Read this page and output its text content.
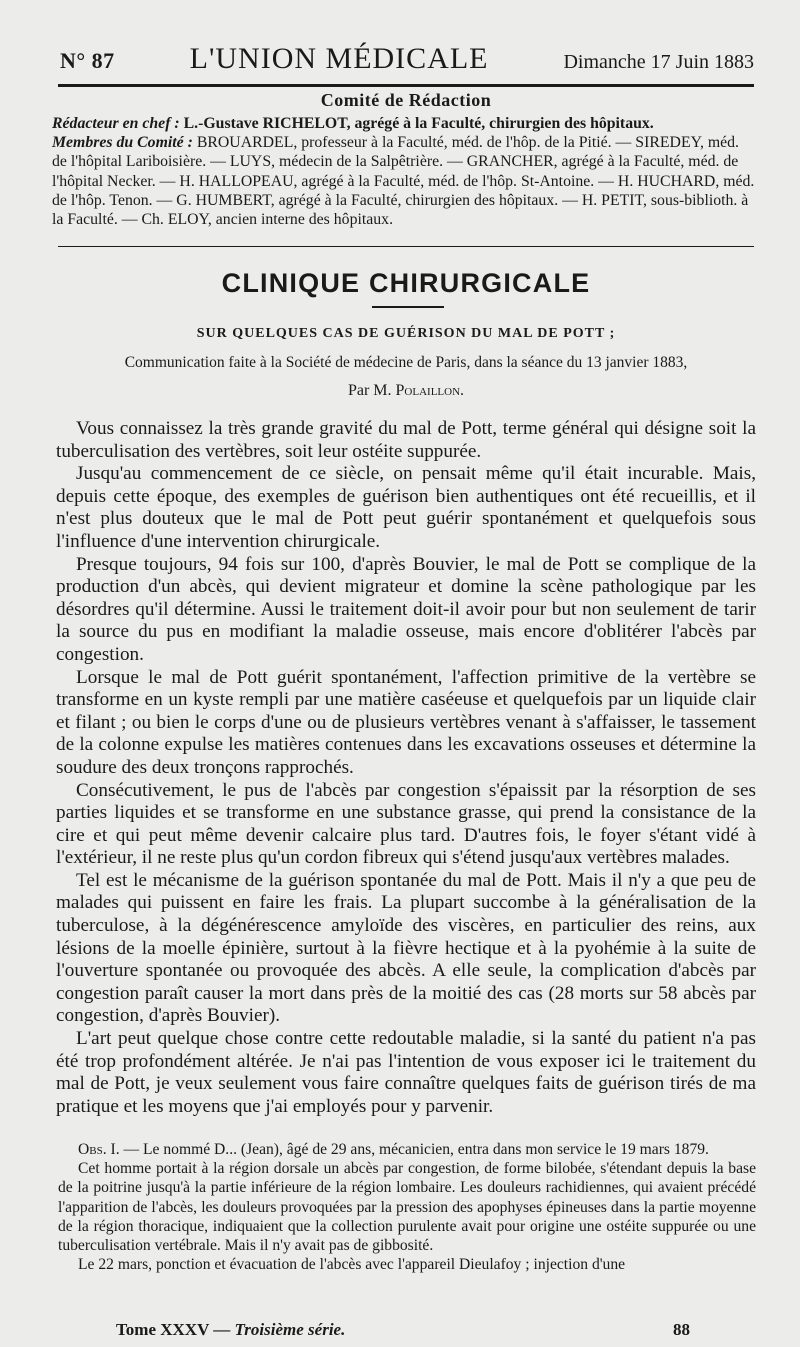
N° 87 L'UNION MÉDICALE	Dimanche 17 Juin 1883
Comité de Rédaction

Rédacteur en chef : L.-Gustave RICHELOT, agrégé à la Faculté, chirurgien des hôpitaux.

Membres du Comité : BROUARDEL, professeur à la Faculté, méd. de l'hôp. de la Pitié. — SIREDEY, méd. de l'hôpital Lariboisière. — LUYS, médecin de la Salpêtrière. — GRANCHER, agrégé à la Faculté, méd. de l'hôpital Necker. — H. HALLOPEAU, agrégé à la Faculté, méd. de l'hôp. St-Antoine. — H. HUCHARD, méd. de l'hôp. Tenon. — G. HUMBERT, agrégé à la Faculté, chirurgien des hôpitaux. — H. PETIT, sous-biblioth. à la Faculté. — Ch. ELOY, ancien interne des hôpitaux.

CLINIQUE CHIRURGICALE
SUR QUELQUES CAS DE GUÉRISON DU MAL DE POTT ;
Communication faite à la Société de médecine de Paris, dans la séance du 13 janvier 1883,
Par M. Polaillon.

Vous connaissez la très grande gravité du mal de Pott, terme général qui désigne soit la tuberculisation des vertèbres, soit leur ostéite suppurée.

Jusqu'au commencement de ce siècle, on pensait même qu'il était incurable. Mais, depuis cette époque, des exemples de guérison bien authentiques ont été recueillis, et il n'est plus douteux que le mal de Pott peut guérir spontanément et quelquefois sous l'influence d'une intervention chirurgicale.

Presque toujours, 94 fois sur 100, d'après Bouvier, le mal de Pott se complique de la production d'un abcès, qui devient migrateur et domine la scène pathologique par les désordres qu'il détermine. Aussi le traitement doit-il avoir pour but non seulement de tarir la source du pus en modifiant la maladie osseuse, mais encore d'oblitérer l'abcès par congestion.

Lorsque le mal de Pott guérit spontanément, l'affection primitive de la vertèbre se transforme en un kyste rempli par une matière caséeuse et quelquefois par un liquide clair et filant ; ou bien le corps d'une ou de plusieurs vertèbres venant à s'affaisser, le tassement de la colonne expulse les matières contenues dans les excavations osseuses et détermine la soudure des deux tronçons rapprochés.

Consécutivement, le pus de l'abcès par congestion s'épaissit par la résorption de ses parties liquides et se transforme en une substance grasse, qui prend la consistance de la cire et qui peut même devenir calcaire plus tard. D'autres fois, le foyer s'étant vidé à l'extérieur, il ne reste plus qu'un cordon fibreux qui s'étend jusqu'aux vertèbres malades.

Tel est le mécanisme de la guérison spontanée du mal de Pott. Mais il n'y a que peu de malades qui puissent en faire les frais. La plupart succombe à la généralisation de la tuberculose, à la dégénérescence amyloïde des viscères, en particulier des reins, aux lésions de la moelle épinière, surtout à la fièvre hectique et à la pyohémie à la suite de l'ouverture spontanée ou provoquée des abcès. A elle seule, la complication d'abcès par congestion paraît causer la mort dans près de la moitié des cas (28 morts sur 58 abcès par congestion, d'après Bouvier).

L'art peut quelque chose contre cette redoutable maladie, si la santé du patient n'a pas été trop profondément altérée. Je n'ai pas l'intention de vous exposer ici le traitement du mal de Pott, je veux seulement vous faire connaître quelques faits de guérison tirés de ma pratique et les moyens que j'ai employés pour y parvenir.

Obs. I. — Le nommé D... (Jean), âgé de 29 ans, mécanicien, entra dans mon service le 19 mars 1879.

Cet homme portait à la région dorsale un abcès par congestion, de forme bilobée, s'étendant depuis la base de la poitrine jusqu'à la partie inférieure de la région lombaire. Les douleurs rachidiennes, qui avaient précédé l'apparition de l'abcès, les douleurs provoquées par la pression des apophyses épineuses dans la partie moyenne de la région thoracique, indiquaient que la collection purulente avait pour origine une ostéite suppurée ou une tuberculisation vertébrale. Mais il n'y avait pas de gibbosité.

Le 22 mars, ponction et évacuation de l'abcès avec l'appareil Dieulafoy ; injection d'une

Tome XXXV — Troisième série.	88
